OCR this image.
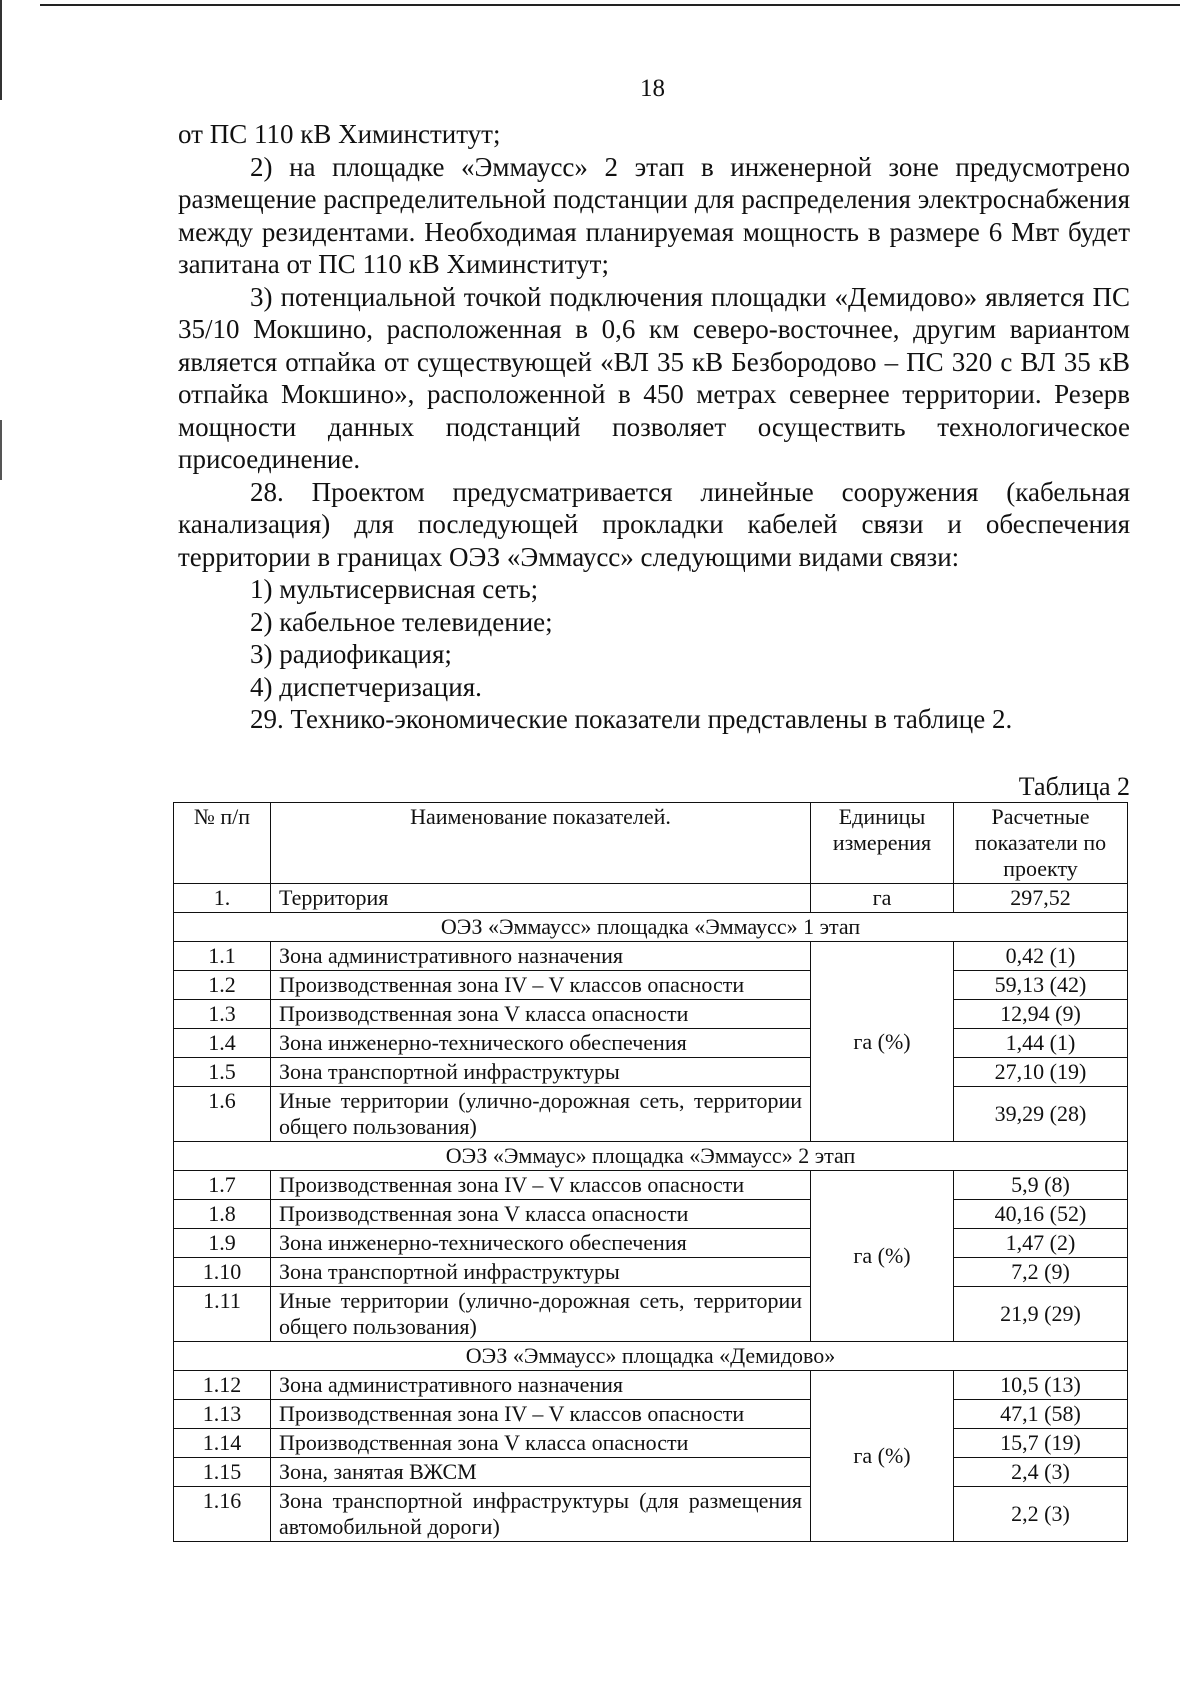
18

от ПС 110 кВ Химинститут;

2) на площадке «Эммаусс» 2 этап в инженерной зоне предусмотрено размещение распределительной подстанции для распределения электроснабжения между резидентами. Необходимая планируемая мощность в размере 6 Мвт будет запитана от ПС 110 кВ Химинститут;

3) потенциальной точкой подключения площадки «Демидово» является ПС 35/10 Мокшино, расположенная в 0,6 км северо-восточнее, другим вариантом является отпайка от существующей «ВЛ 35 кВ Безбородово – ПС 320 с ВЛ 35 кВ отпайка Мокшино», расположенной в 450 метрах севернее территории. Резерв мощности данных подстанций позволяет осуществить технологическое присоединение.

28. Проектом предусматривается линейные сооружения (кабельная канализация) для последующей прокладки кабелей связи и обеспечения территории в границах ОЭЗ «Эммаусс» следующими видами связи:

1) мультисервисная сеть;

2) кабельное телевидение;

3) радиофикация;

4) диспетчеризация.

29. Технико-экономические показатели представлены в таблице 2.

Таблица 2
№ п/п	Наименование показателей.	Единицы измерения	Расчетные показатели по проекту
1.	Территория	га	297,52
ОЭЗ «Эммаусс» площадка «Эммаусс» 1 этап			
1.1	Зона административного назначения	га (%)	0,42 (1)
1.2	Производственная зона IV – V классов опасности		59,13 (42)
1.3	Производственная зона V класса опасности		12,94 (9)
1.4	Зона инженерно-технического обеспечения		1,44 (1)
1.5	Зона транспортной инфраструктуры		27,10 (19)
1.6	Иные территории (улично-дорожная сеть, территории общего пользования)		39,29 (28)
ОЭЗ «Эммаус» площадка «Эммаусс» 2 этап			
1.7	Производственная зона IV – V классов опасности	га (%)	5,9 (8)
1.8	Производственная зона V класса опасности		40,16 (52)
1.9	Зона инженерно-технического обеспечения		1,47 (2)
1.10	Зона транспортной инфраструктуры		7,2 (9)
1.11	Иные территории (улично-дорожная сеть, территории общего пользования)		21,9 (29)
ОЭЗ «Эммаусс» площадка «Демидово»			
1.12	Зона административного назначения	га (%)	10,5 (13)
1.13	Производственная зона IV – V классов опасности		47,1 (58)
1.14	Производственная зона V класса опасности		15,7 (19)
1.15	Зона, занятая ВЖСМ		2,4 (3)
1.16	Зона транспортной инфраструктуры (для размещения автомобильной дороги)		2,2 (3)
